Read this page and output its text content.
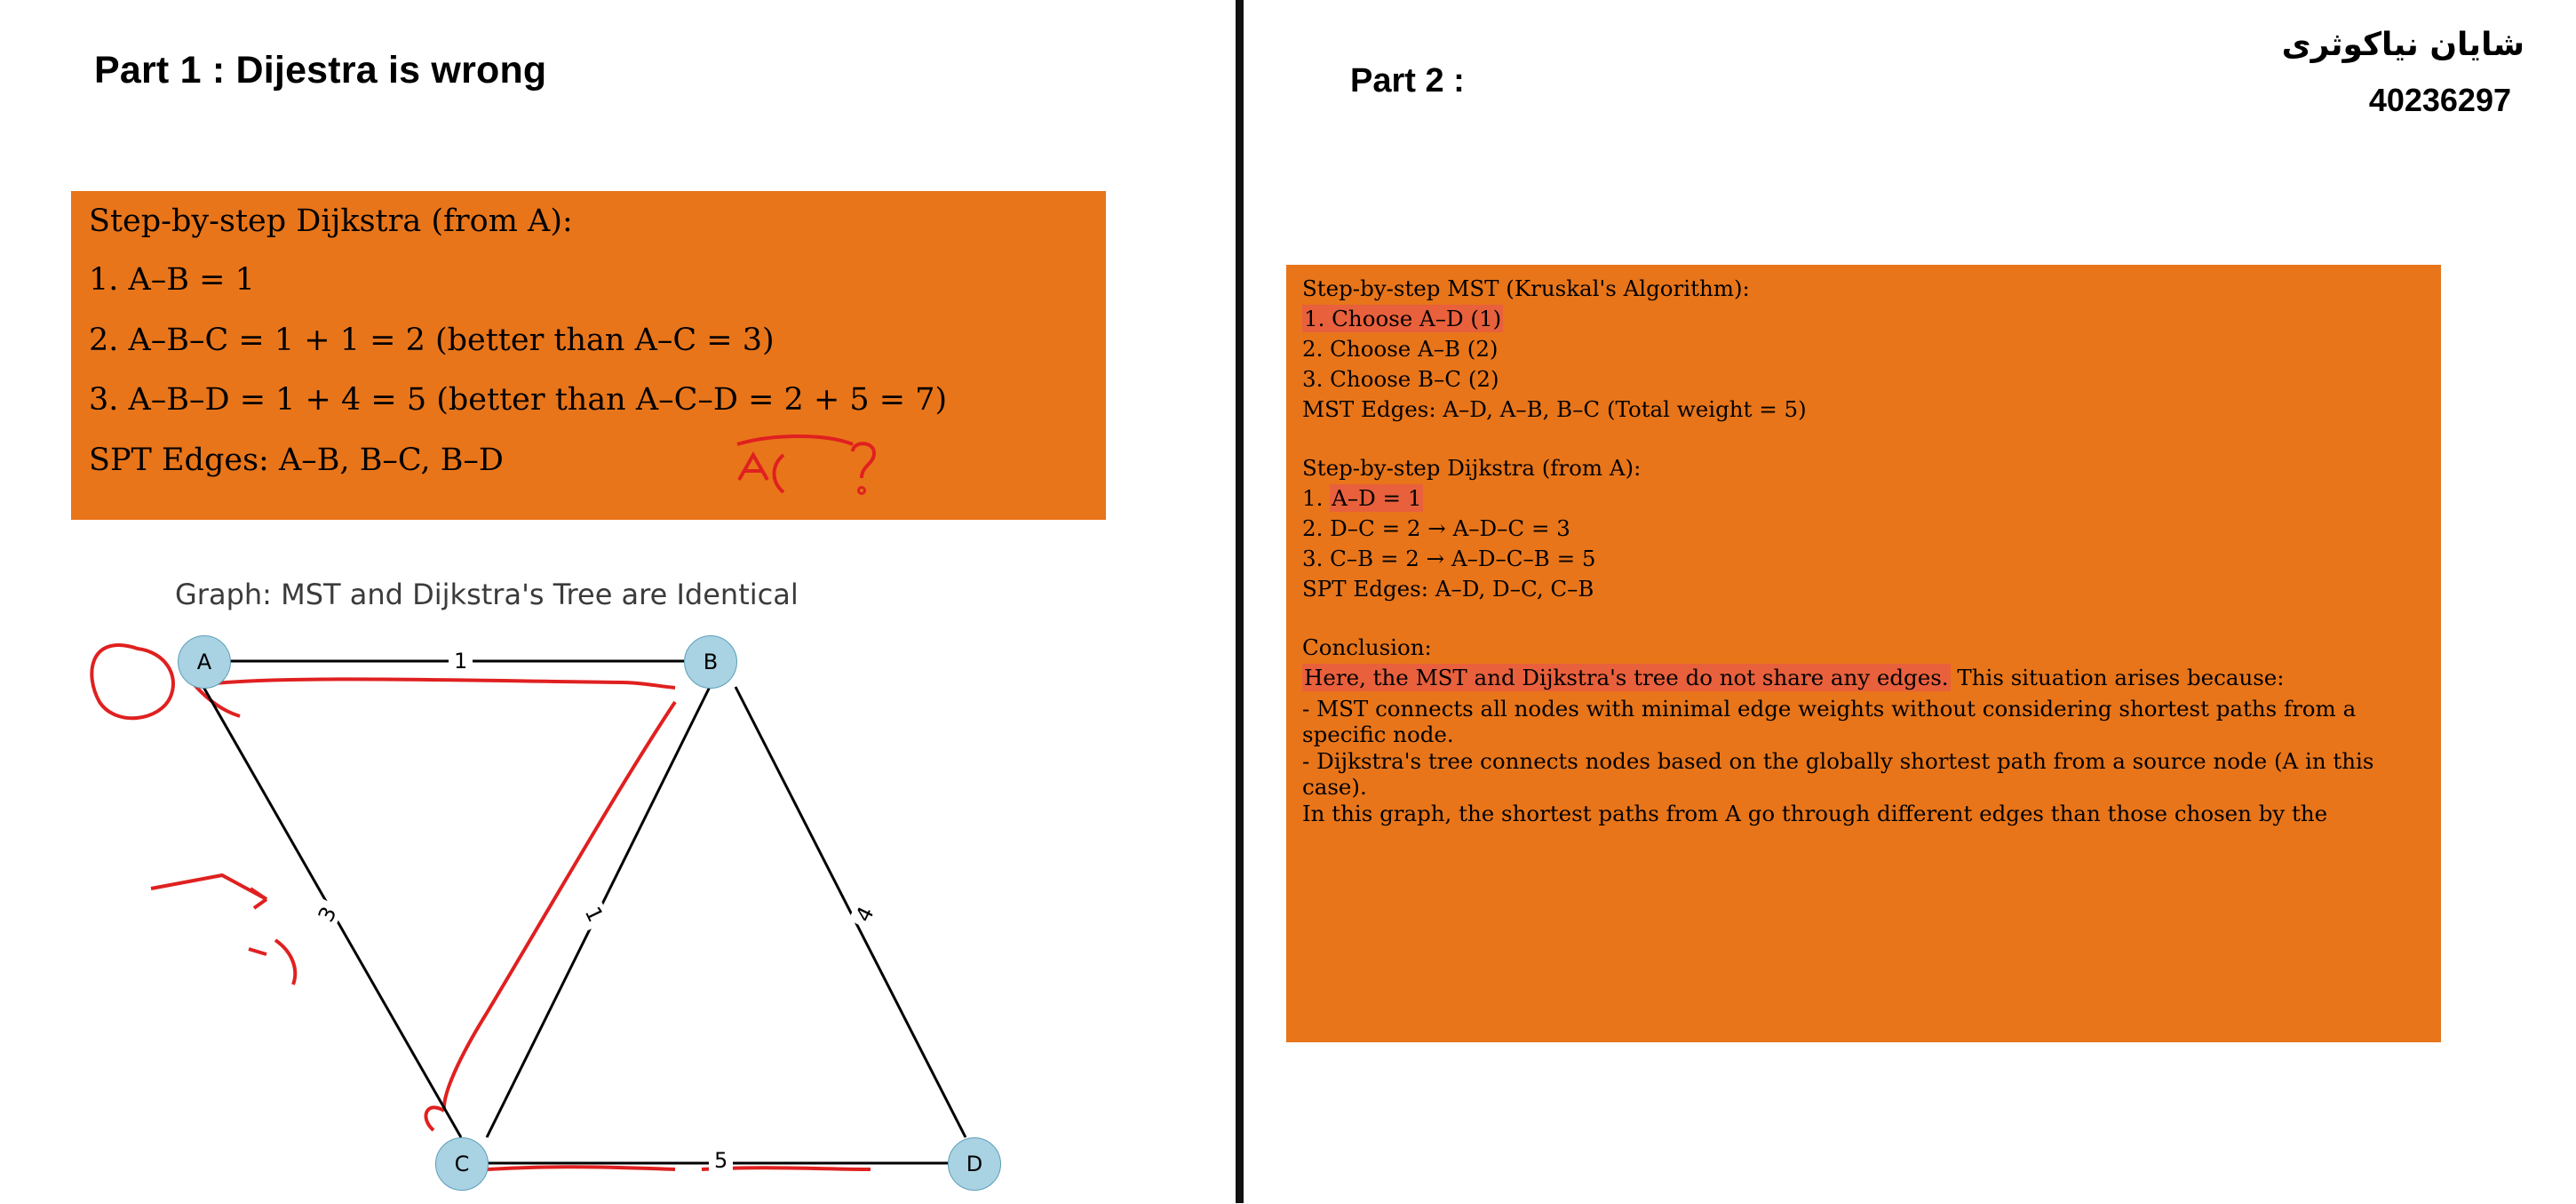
Part 1 : Dijestra is wrong
Step-by-step Dijkstra (from A):
1. A–B = 1
2. A–B–C = 1 + 1 = 2 (better than A–C = 3)
3. A–B–D = 1 + 4 = 5 (better than A–C–D = 2 + 5 = 7)
SPT Edges: A–B, B–C, B–D
Graph: MST and Dijkstra's Tree are Identical
A	B
C	D
1
3	1	4
5
Part 2 :
شایان نیاکوثری
40236297
Step-by-step MST (Kruskal's Algorithm):
1. Choose A–D (1)
2. Choose A–B (2)
3. Choose B–C (2)
MST Edges: A–D, A–B, B–C (Total weight = 5)
Step-by-step Dijkstra (from A):
1. A–D = 1
2. D–C = 2 → A–D–C = 3
3. C–B = 2 → A–D–C–B = 5
SPT Edges: A–D, D–C, C–B
Conclusion:
Here, the MST and Dijkstra's tree do not share any edges. This situation arises because:
- MST connects all nodes with minimal edge weights without considering shortest paths from a specific node.
- Dijkstra's tree connects nodes based on the globally shortest path from a source node (A in this case).
In this graph, the shortest paths from A go through different edges than those chosen by the
